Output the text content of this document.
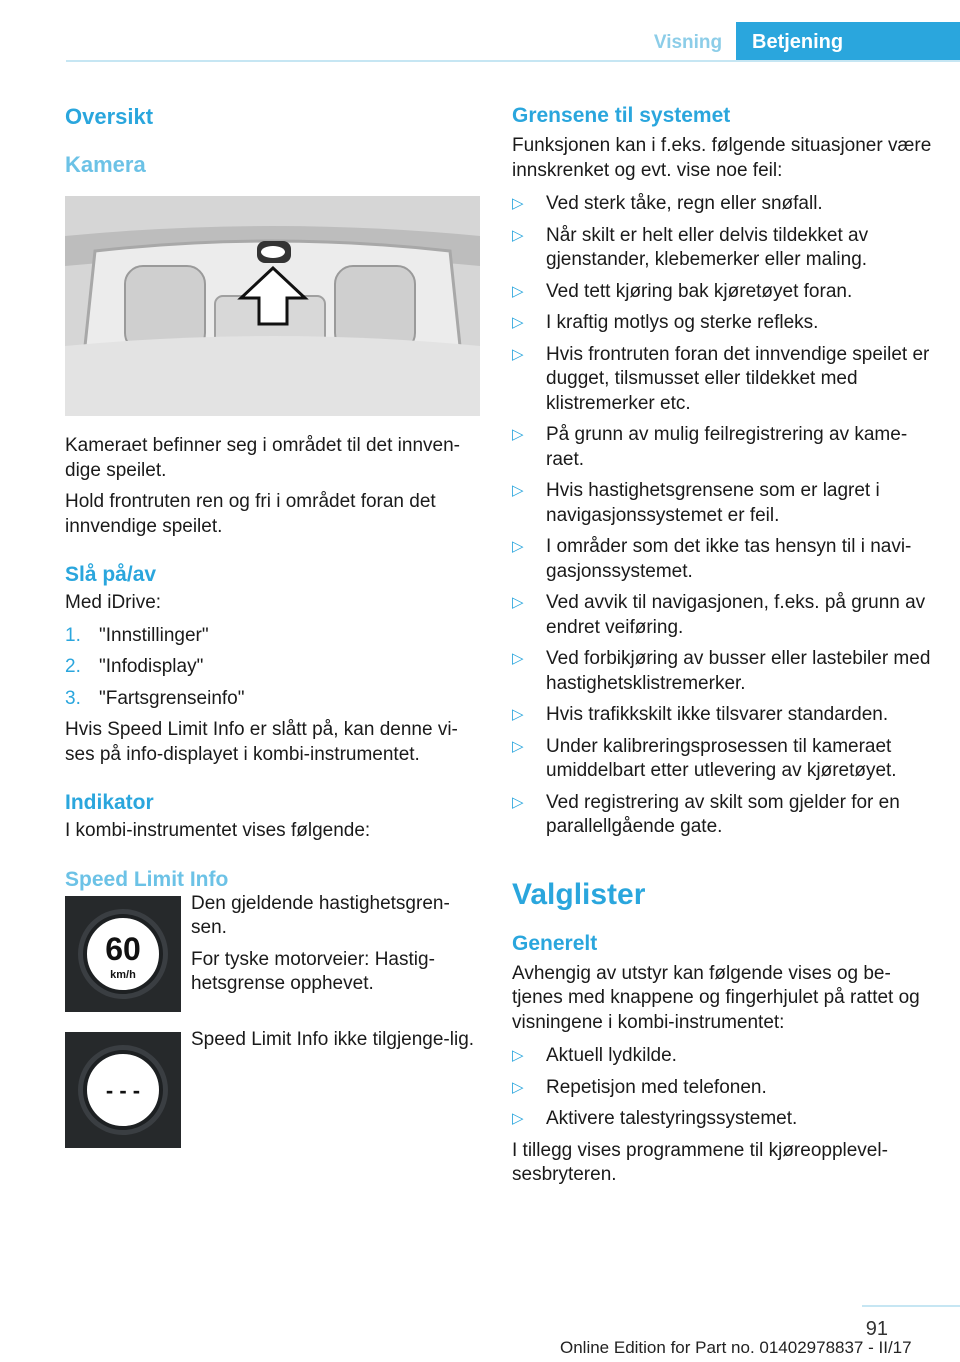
Visning	Betjening
Oversikt
Kamera

Kameraet befinner seg i området til det innven-dige speilet.

Hold frontruten ren og fri i området foran det innvendige speilet.

Slå på/av

Med iDrive:

1. "Innstillinger"
2. "Infodisplay"
3. "Fartsgrenseinfo"

Hvis Speed Limit Info er slått på, kan denne vi-ses på info-displayet i kombi-instrumentet.

Indikator

I kombi-instrumentet vises følgende:

Speed Limit Info
60
km/h

Den gjeldende hastighetsgren-sen.

For tyske motorveier: Hastig-hetsgrense opphevet.

- - -

Speed Limit Info ikke tilgjenge-lig.

Grensene til systemet

Funksjonen kan i f.eks. følgende situasjoner være innskrenket og evt. vise noe feil:

▷	Ved sterk tåke, regn eller snøfall.
▷	Når skilt er helt eller delvis tildekket av gjenstander, klebemerker eller maling.
▷	Ved tett kjøring bak kjøretøyet foran.
▷	I kraftig motlys og sterke refleks.
▷	Hvis frontruten foran det innvendige speilet er dugget, tilsmusset eller tildekket med klistremerker etc.
▷	På grunn av mulig feilregistrering av kame-raet.
▷	Hvis hastighetsgrensene som er lagret i navigasjonssystemet er feil.
▷	I områder som det ikke tas hensyn til i navi-gasjonssystemet.
▷	Ved avvik til navigasjonen, f.eks. på grunn av endret veiføring.
▷	Ved forbikjøring av busser eller lastebiler med hastighetsklistremerker.
▷	Hvis trafikkskilt ikke tilsvarer standarden.
▷	Under kalibreringsprosessen til kameraet umiddelbart etter utlevering av kjøretøyet.
▷	Ved registrering av skilt som gjelder for en parallellgående gate.
Valglister
Generelt

Avhengig av utstyr kan følgende vises og be-tjenes med knappene og fingerhjulet på rattet og visningene i kombi-instrumentet:

▷	Aktuell lydkilde.
▷	Repetisjon med telefonen.
▷	Aktivere talestyringssystemet.

I tillegg vises programmene til kjøreopplevel-sesbryteren.

91
Online Edition for Part no. 01402978837 - II/17
